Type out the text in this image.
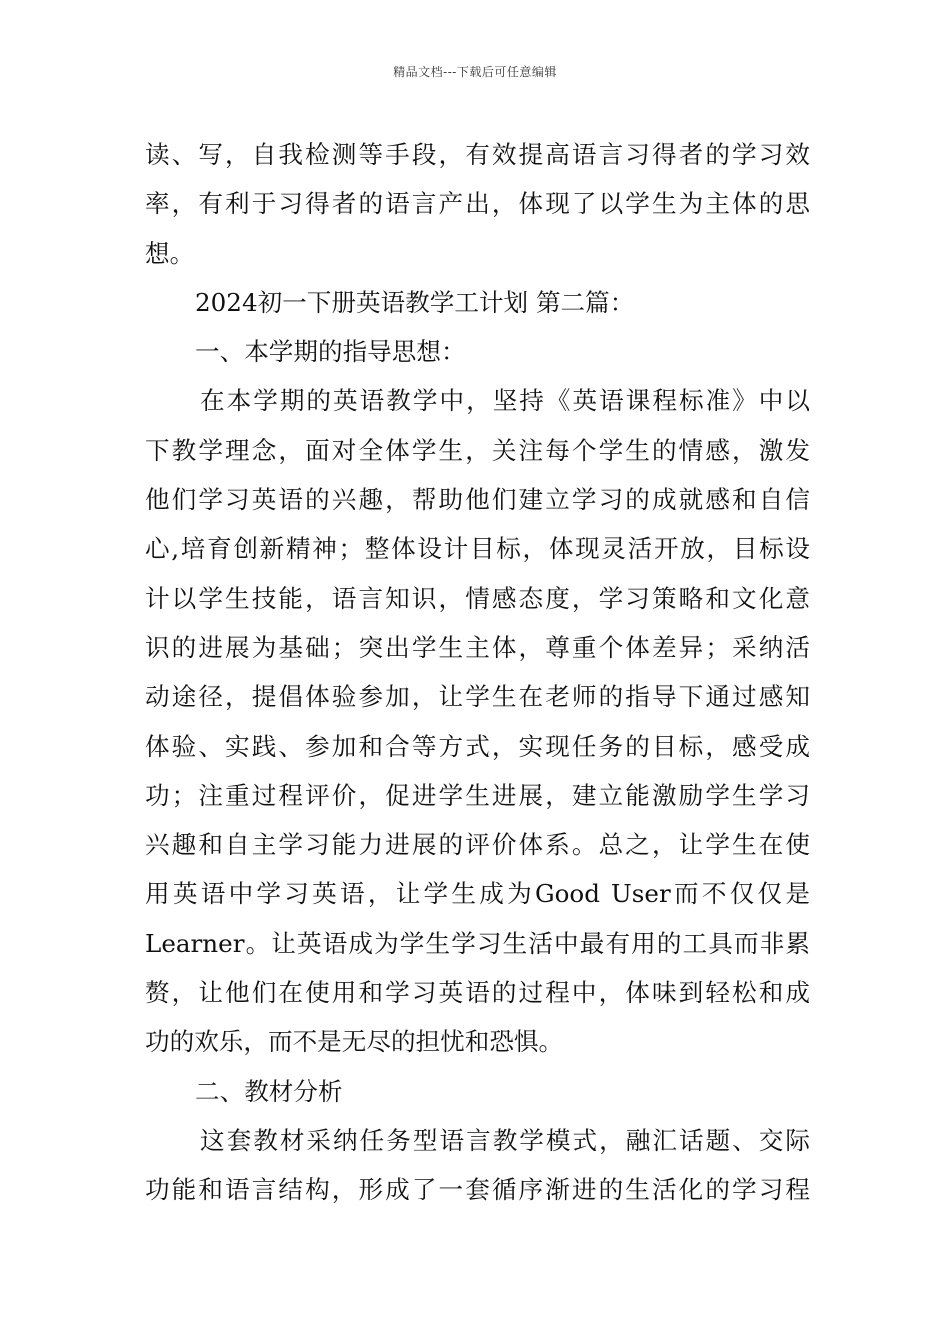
精品文档---下载后可任意编辑
读、写，自我检测等手段，有效提高语言习得者的学习效
率，有利于习得者的语言产出，体现了以学生为主体的思
想。
2024初一下册英语教学工计划 第二篇：
一、本学期的指导思想：
在本学期的英语教学中，坚持《英语课程标准》中以
下教学理念，面对全体学生，关注每个学生的情感，激发
他们学习英语的兴趣，帮助他们建立学习的成就感和自信
心,培育创新精神；整体设计目标，体现灵活开放，目标设
计以学生技能，语言知识，情感态度，学习策略和文化意
识的进展为基础；突出学生主体，尊重个体差异；采纳活
动途径，提倡体验参加，让学生在老师的指导下通过感知
体验、实践、参加和合等方式，实现任务的目标，感受成
功；注重过程评价，促进学生进展，建立能激励学生学习
兴趣和自主学习能力进展的评价体系。总之，让学生在使
用英语中学习英语，让学生成为Good User而不仅仅是
Learner。让英语成为学生学习生活中最有用的工具而非累
赘，让他们在使用和学习英语的过程中，体味到轻松和成
功的欢乐，而不是无尽的担忧和恐惧。
二、教材分析
这套教材采纳任务型语言教学模式，融汇话题、交际
功能和语言结构，形成了一套循序渐进的生活化的学习程
